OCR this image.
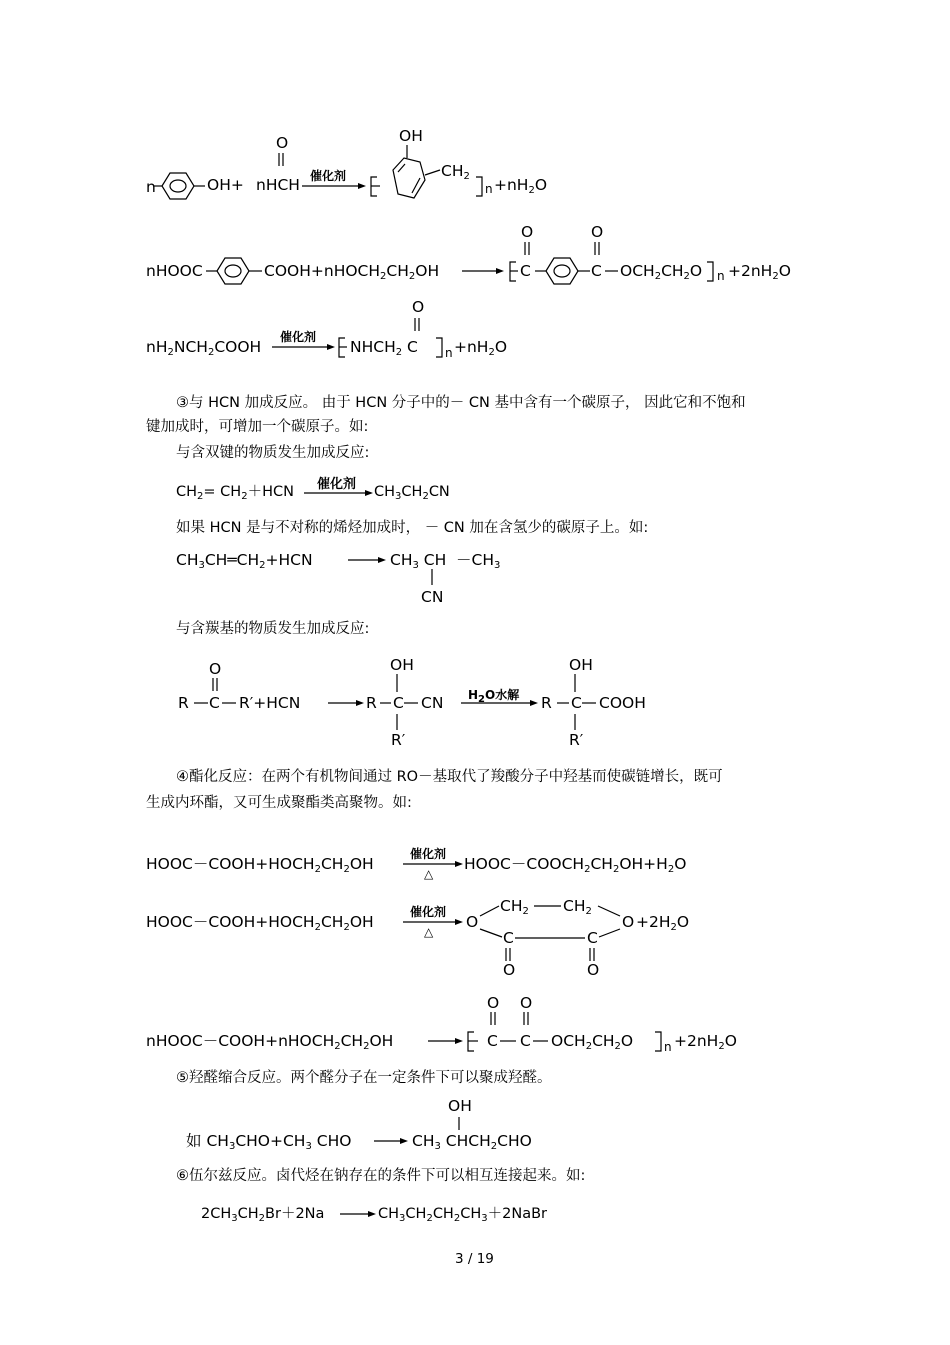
n	OH+ nHCH
O
催化剂
OH
$CH_2$
$n +nH_2O$
nHOOC	$COOH+nHOCH_2CH_2OH$
O	O
C	C $OCH_2CH_2O$ $n +2nH_2O$
$nH_2NCH_2COOH$
催化剂
O
$NHCH_2$ C $n +nH_2O$
③与 HCN 加成反应。 由于 HCN 分子中的－ CN 基中含有一个碳原子， 因此它和不饱和
键加成时，可增加一个碳原子。如:
与含双键的物质发生加成反应:
$CH_2= CH_2+HCN$ 催化剂 $CH_3CH_2CN$
如果 HCN 是与不对称的烯烃加成时， － CN 加在含氢少的碳原子上。如:
$CH_3CH═CH_2+HCN$	$CH_3$ CH $-CH_3$
CN
与含羰基的物质发生加成反应:
O
R C R′+HCN
OH
R C CN
R′
$H_2O$水解
OH
R C COOH
R′
④酯化反应：在两个有机物间通过 RO－基取代了羧酸分子中羟基而使碳链增长，既可
生成内环酯，又可生成聚酯类高聚物。如:
$HOOC-COOH+HOCH_2CH_2OH$
催化剂
△
$HOOC-COOCH_2CH_2OH+H_2O$
$HOOC-COOH+HOCH_2CH_2OH$
催化剂
△
O
$CH_2$ $CH_2$
$O +2H_2O$
C	C
O	O
$nHOOC-COOH+nHOCH_2CH_2OH$
O O
C C $OCH_2CH_2O$	$n +2nH_2O$
⑤羟醛缩合反应。两个醛分子在一定条件下可以聚成羟醛。
OH
如 $CH_3CHO+CH_3$ CHO	$CH_3$ $CHCH_2CHO$
⑥伍尔兹反应。卤代烃在钠存在的条件下可以相互连接起来。如:
$2CH_3CH_2Br+2Na$	$CH_3CH_2CH_2CH_3+2NaBr$
3 / 19
